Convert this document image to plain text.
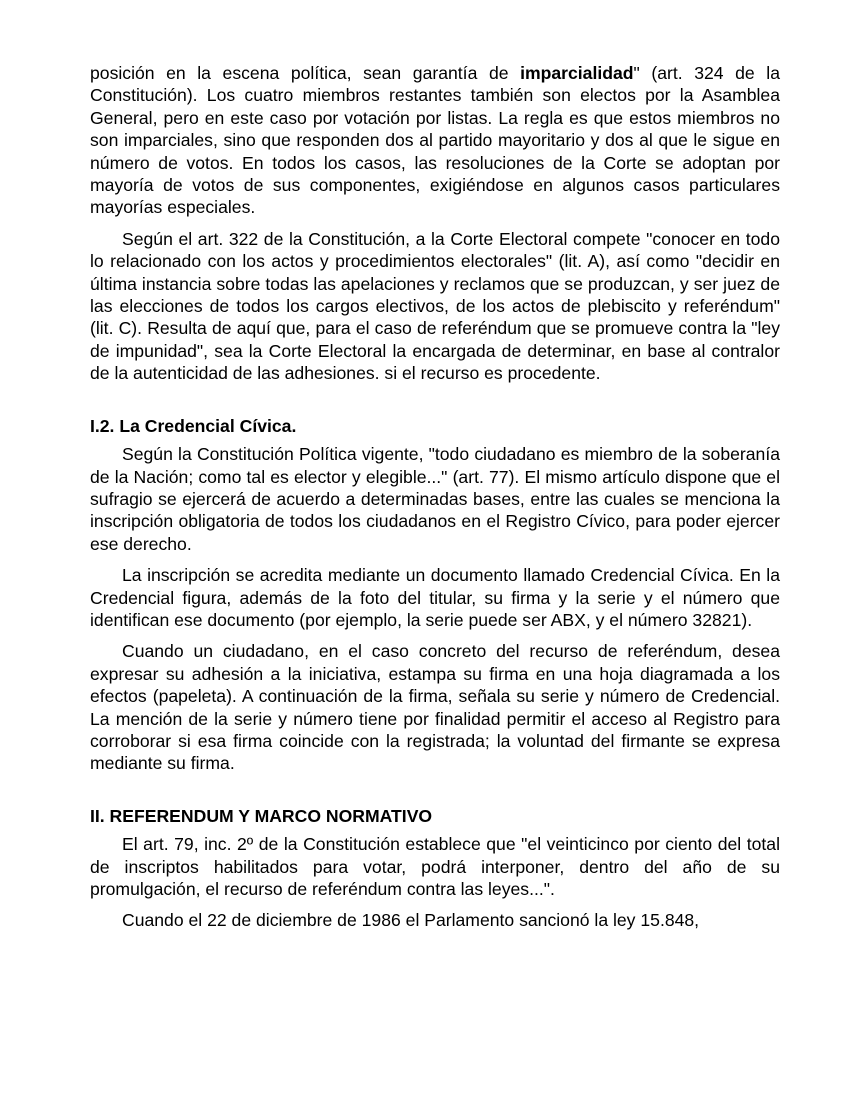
posición en la escena política, sean garantía de imparcialidad" (art. 324 de la Constitución). Los cuatro miembros restantes también son electos por la Asamblea General, pero en este caso por votación por listas. La regla es que estos miembros no son imparciales, sino que responden dos al partido mayoritario y dos al que le sigue en número de votos. En todos los casos, las resoluciones de la Corte se adoptan por mayoría de votos de sus componentes, exigiéndose en algunos casos particulares mayorías especiales.

Según el art. 322 de la Constitución, a la Corte Electoral compete "conocer en todo lo relacionado con los actos y procedimientos electorales" (lit. A), así como "decidir en última instancia sobre todas las apelaciones y reclamos que se produzcan, y ser juez de las elecciones de todos los cargos electivos, de los actos de plebiscito y referéndum" (lit. C). Resulta de aquí que, para el caso de referéndum que se promueve contra la "ley de impunidad", sea la Corte Electoral la encargada de determinar, en base al contralor de la autenticidad de las adhesiones. si el recurso es procedente.

I.2. La Credencial Cívica.

Según la Constitución Política vigente, "todo ciudadano es miembro de la soberanía de la Nación; como tal es elector y elegible..." (art. 77). El mismo artículo dispone que el sufragio se ejercerá de acuerdo a determinadas bases, entre las cuales se menciona la inscripción obligatoria de todos los ciudadanos en el Registro Cívico, para poder ejercer ese derecho.

La inscripción se acredita mediante un documento llamado Credencial Cívica. En la Credencial figura, además de la foto del titular, su firma y la serie y el número que identifican ese documento (por ejemplo, la serie puede ser ABX, y el número 32821).

Cuando un ciudadano, en el caso concreto del recurso de referéndum, desea expresar su adhesión a la iniciativa, estampa su firma en una hoja diagramada a los efectos (papeleta). A continuación de la firma, señala su serie y número de Credencial. La mención de la serie y número tiene por finalidad permitir el acceso al Registro para corroborar si esa firma coincide con la registrada; la voluntad del firmante se expresa mediante su firma.

II. REFERENDUM Y MARCO NORMATIVO

El art. 79, inc. 2º de la Constitución establece que "el veinticinco por ciento del total de inscriptos habilitados para votar, podrá interponer, dentro del año de su promulgación, el recurso de referéndum contra las leyes...".

Cuando el 22 de diciembre de 1986 el Parlamento sancionó la ley 15.848,
